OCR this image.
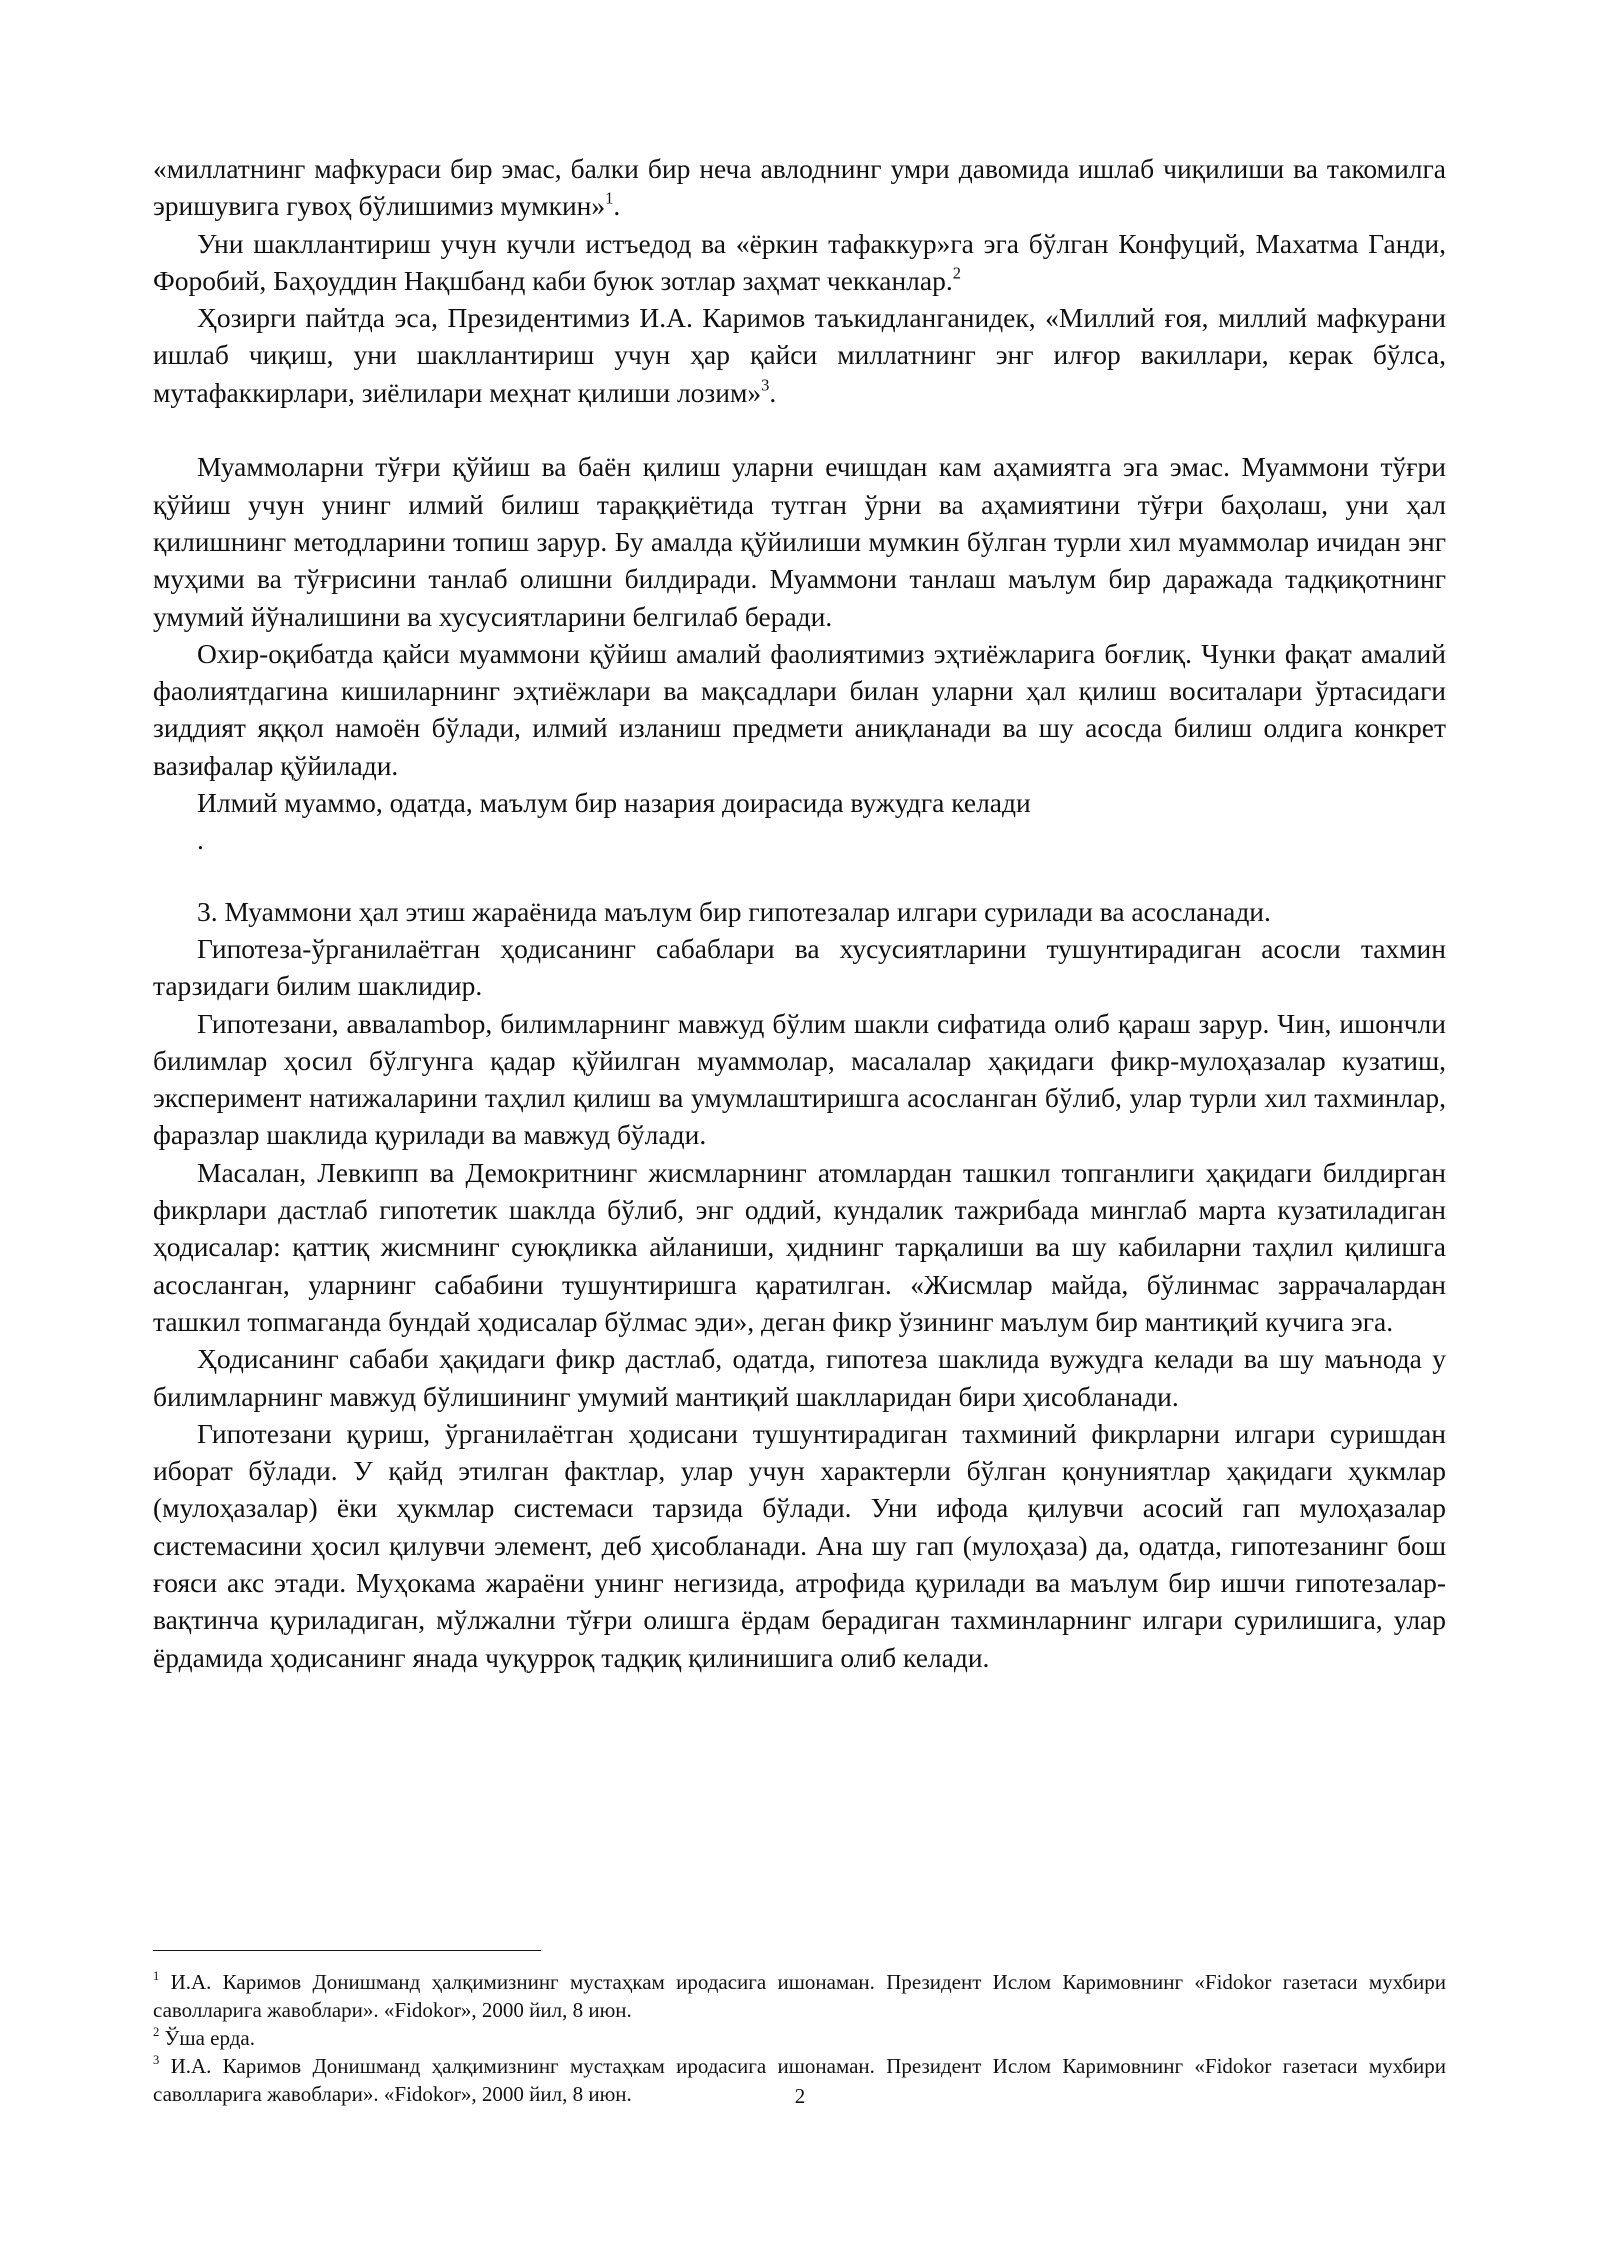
«миллатнинг мафкураси бир эмас, балки бир неча авлоднинг умри давомида ишлаб чиқилиши ва такомилга эришувига гувоҳ бўлишимиз мумкин»$^1$.

Уни шакллантириш учун кучли истъедод ва «ёркин тафаккур»га эга бўлган Конфуций, Махатма Ганди, Форобий, Баҳоуддин Нақшбанд каби буюк зотлар заҳмат чекканлар.$^2$

Ҳозирги пайтда эса, Президентимиз И.А. Каримов таъкидланганидек, «Миллий ғоя, миллий мафкурани ишлаб чиқиш, уни шакллантириш учун ҳар қайси миллатнинг энг илғор вакиллари, керак бўлса, мутафаккирлари, зиёлилари меҳнат қилиши лозим»$^3$.

Муаммоларни тўғри қўйиш ва баён қилиш уларни ечишдан кам аҳамиятга эга эмас. Муаммони тўғри қўйиш учун унинг илмий билиш тараққиётида тутган ўрни ва аҳамиятини тўғри баҳолаш, уни ҳал қилишнинг методларини топиш зарур. Бу амалда қўйилиши мумкин бўлган турли хил муаммолар ичидан энг муҳими ва тўғрисини танлаб олишни билдиради. Муаммони танлаш маълум бир даражада тадқиқотнинг умумий йўналишини ва хусусиятларини белгилаб беради.

Охир-оқибатда қайси муаммони қўйиш амалий фаолиятимиз эҳтиёжларига боғлиқ. Чунки фақат амалий фаолиятдагина кишиларнинг эҳтиёжлари ва мақсадлари билан уларни ҳал қилиш воситалари ўртасидаги зиддият яққол намоён бўлади, илмий изланиш предмети аниқланади ва шу асосда билиш олдига конкрет вазифалар қўйилади.

Илмий муаммо, одатда, маълум бир назария доирасида вужудга келади

.

3. Муаммони ҳал этиш жараёнида маълум бир гипотезалар илгари сурилади ва асосланади.

Гипотеза-ўрганилаётган ҳодисанинг сабаблари ва хусусиятларини тушунтирадиган асосли тахмин тарзидаги билим шаклидир.

Гипотезани, аввалambор, билимларнинг мавжуд бўлим шакли сифатида олиб қараш зарур. Чин, ишончли билимлар ҳосил бўлгунга қадар қўйилган муаммолар, масалалар ҳақидаги фикр-мулоҳазалар кузатиш, эксперимент натижаларини таҳлил қилиш ва умумлаштиришга асосланган бўлиб, улар турли хил тахминлар, фаразлар шаклида қурилади ва мавжуд бўлади.

Масалан, Левкипп ва Демокритнинг жисмларнинг атомлардан ташкил топганлиги ҳақидаги билдирган фикрлари дастлаб гипотетик шаклда бўлиб, энг оддий, кундалик тажрибада минглаб марта кузатиладиган ҳодисалар: қаттиқ жисмнинг суюқликка айланиши, ҳиднинг тарқалиши ва шу кабиларни таҳлил қилишга асосланган, уларнинг сабабини тушунтиришга қаратилган. «Жисмлар майда, бўлинмас заррачалардан ташкил топмаганда бундай ҳодисалар бўлмас эди», деган фикр ўзининг маълум бир мантиқий кучига эга.

Ҳодисанинг сабаби ҳақидаги фикр дастлаб, одатда, гипотеза шаклида вужудга келади ва шу маънода у билимларнинг мавжуд бўлишининг умумий мантиқий шаклларидан бири ҳисобланади.

Гипотезани қуриш, ўрганилаётган ҳодисани тушунтирадиган тахминий фикрларни илгари суришдан иборат бўлади. У қайд этилган фактлар, улар учун характерли бўлган қонуниятлар ҳақидаги ҳукмлар (мулоҳазалар) ёки ҳукмлар системаси тарзида бўлади. Уни ифода қилувчи асосий гап мулоҳазалар системасини ҳосил қилувчи элемент, деб ҳисобланади. Ана шу гап (мулоҳаза) да, одатда, гипотезанинг бош ғояси акс этади. Муҳокама жараёни унинг негизида, атрофида қурилади ва маълум бир ишчи гипотезалар-вақтинча қуриладиган, мўлжални тўғри олишга ёрдам берадиган тахминларнинг илгари сурилишига, улар ёрдамида ҳодисанинг янада чуқурроқ тадқиқ қилинишига олиб келади.

$^1$ И.А. Каримов Донишманд ҳалқимизнинг мустаҳкам иродасига ишонаман. Президент Ислом Каримовнинг «Fidokor газетаси мухбири саволларига жавоблари». «Fidokor», 2000 йил, 8 июн.

$^2$ Ўша ерда.

$^3$ И.А. Каримов Донишманд ҳалқимизнинг мустаҳкам иродасига ишонаман. Президент Ислом Каримовнинг «Fidokor газетаси мухбири саволларига жавоблари». «Fidokor», 2000 йил, 8 июн.	2
